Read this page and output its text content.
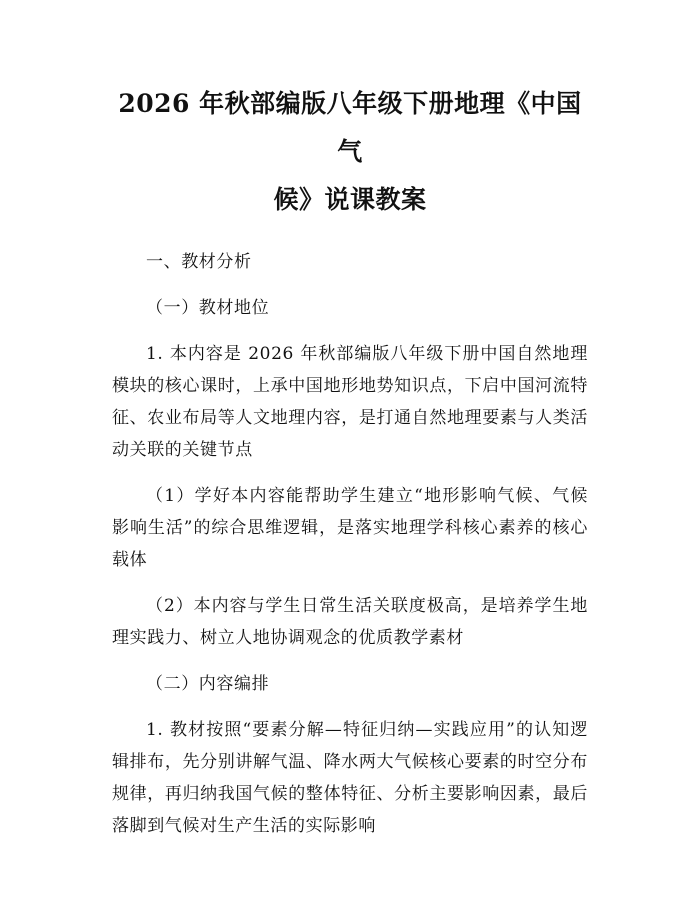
2026 年秋部编版八年级下册地理《中国气
候》说课教案

一、教材分析

（一）教材地位

1. 本内容是 2026 年秋部编版八年级下册中国自然地理模块的核心课时，上承中国地形地势知识点，下启中国河流特征、农业布局等人文地理内容，是打通自然地理要素与人类活动关联的关键节点

（1）学好本内容能帮助学生建立“地形影响气候、气候影响生活”的综合思维逻辑，是落实地理学科核心素养的核心载体

（2）本内容与学生日常生活关联度极高，是培养学生地理实践力、树立人地协调观念的优质教学素材

（二）内容编排

1. 教材按照“要素分解—特征归纳—实践应用”的认知逻辑排布，先分别讲解气温、降水两大气候核心要素的时空分布规律，再归纳我国气候的整体特征、分析主要影响因素，最后落脚到气候对生产生活的实际影响
